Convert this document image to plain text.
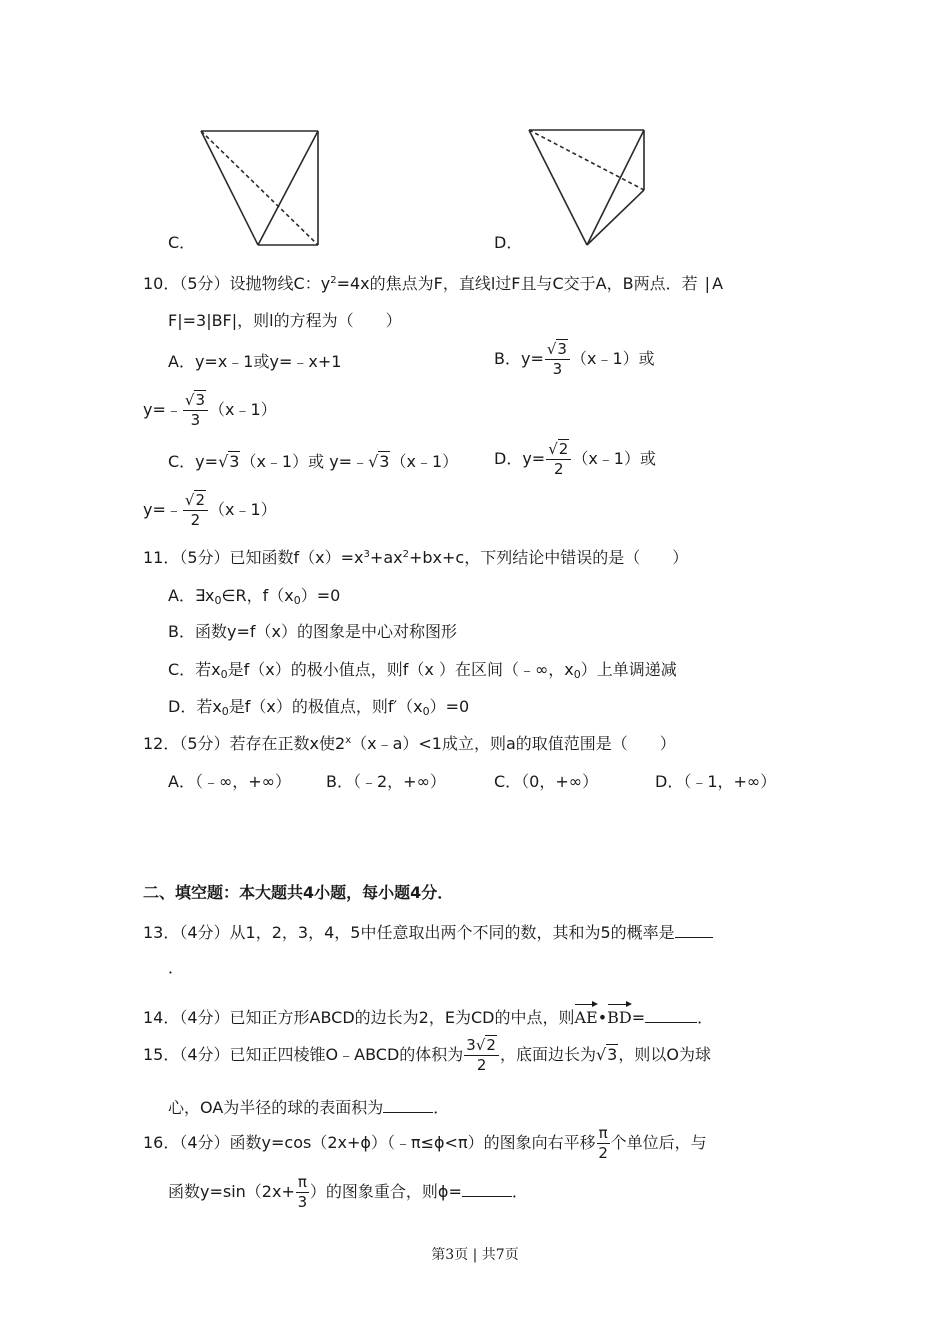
C．	D．
10．（5分）设抛物线C：$y^2=4x$的焦点为F，直线l过F且与C交于A，B两点．若 | A
F|=3|BF|，则l的方程为（　　）
A．y=x﹣1或y=﹣x+1	B．$y= \frac{√3}{3}$ （x﹣1）或
y=﹣ $\frac{√3}{3}$ （x﹣1）
C．y=√3（x﹣1）或 y=﹣√3（x﹣1） D．$y= \frac{√2}{2}$ （x﹣1）或
y=﹣ $\frac{√2}{2}$ （x﹣1）
11．（5分）已知函数$f(x)=x^3+ax^2+bx+c$，下列结论中错误的是（　　）
A．$\exists x_0\in R$，$f(x_0)=0$
B．函数y=f（x）的图象是中心对称图形
C．若$x_0$是f（x）的极小值点，则f（x ）在区间（﹣∞，$x_0$）上单调递减
D．若$x_0$是f（x）的极值点，则$f'(x_0)=0$
12．（5分）若存在正数x使$2^x(x﹣a)<1$成立，则a的取值范围是（　　）
A．（﹣∞，+∞） B．（﹣2，+∞）	C．（0，+∞）	D．（﹣1，+∞）
二、填空题：本大题共4小题，每小题4分．
13．（4分）从1，2，3，4，5中任意取出两个不同的数，其和为5的概率是
．
14．（4分）已知正方形ABCD的边长为2，E为CD的中点，则AE•BD=	．
15．（4分）已知正四棱锥O﹣ABCD的体积为 $\frac{3√2}{2}$ ，底面边长为√3，则以O为球
心，OA为半径的球的表面积为	．
16．（4分）函数y=cos（2x+ϕ）（﹣π≤ϕ<π）的图象向右平移 $\frac{\pi}{2}$ 个单位后，与
函数$y=\sin(2x+ \frac{\pi}{3}$ ）的图象重合，则ϕ=	．
第3页 | 共7页
